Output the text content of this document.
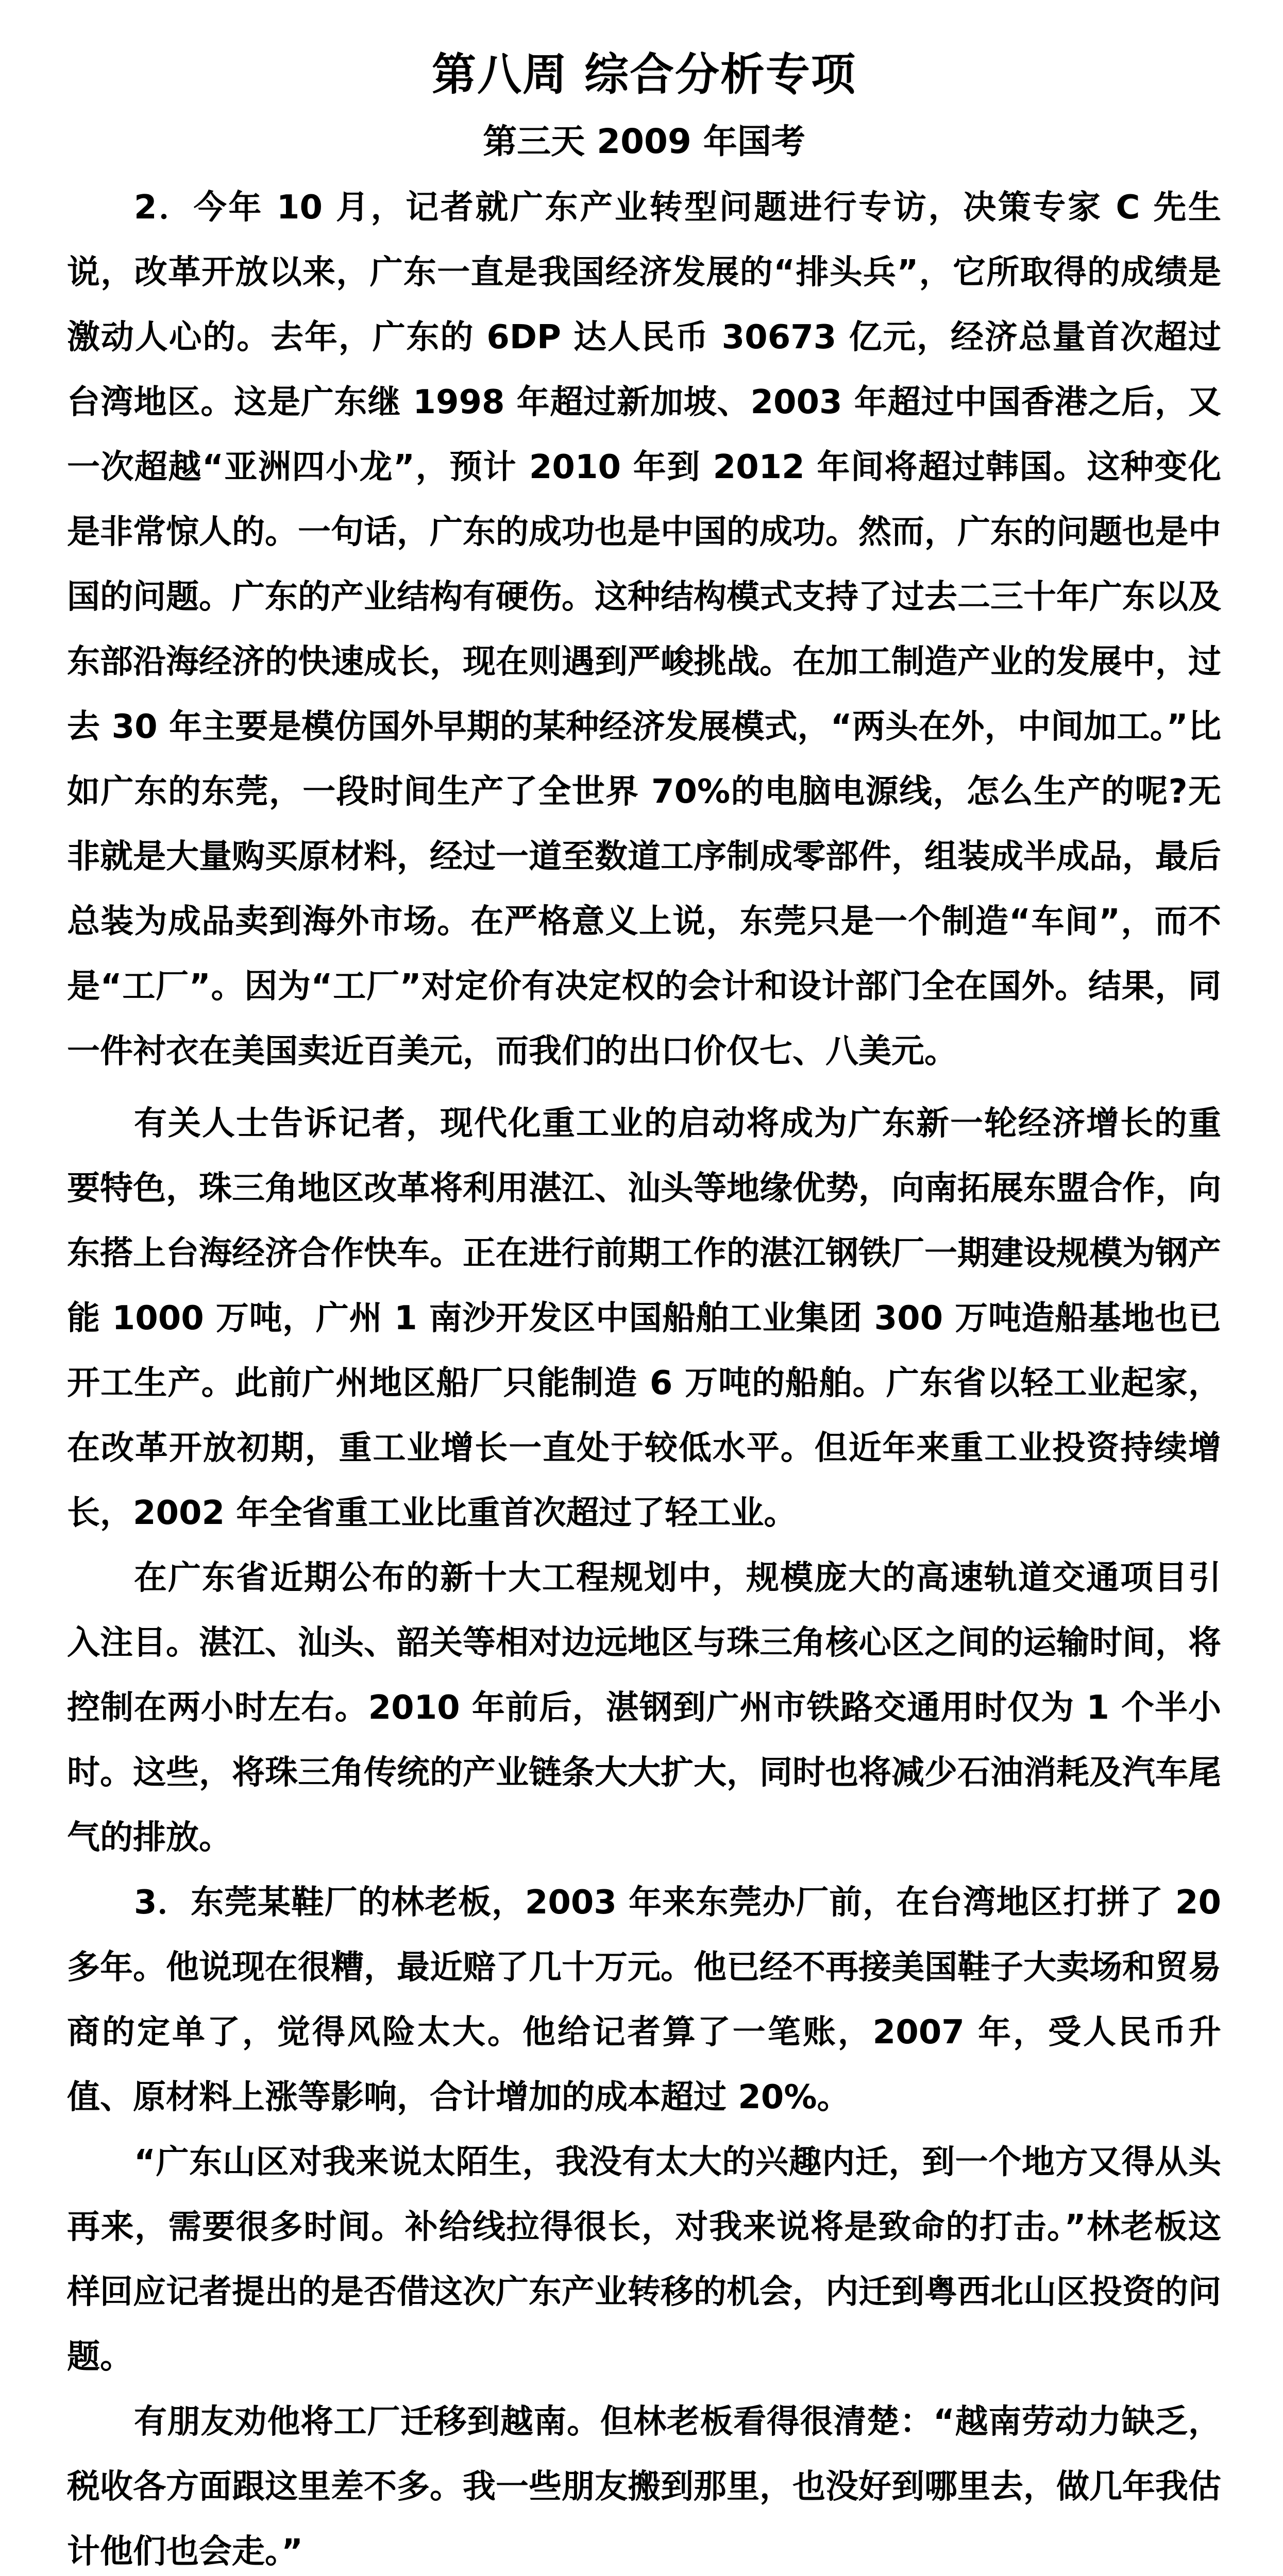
第八周 综合分析专项
第三天 2009 年国考

2．今年 10 月，记者就广东产业转型问题进行专访，决策专家 C 先生说，改革开放以来，广东一直是我国经济发展的“排头兵”，它所取得的成绩是激动人心的。去年，广东的 6DP 达人民币 30673 亿元，经济总量首次超过台湾地区。这是广东继 1998 年超过新加坡、2003 年超过中国香港之后，又一次超越“亚洲四小龙”，预计 2010 年到 2012 年间将超过韩国。这种变化是非常惊人的。一句话，广东的成功也是中国的成功。然而，广东的问题也是中国的问题。广东的产业结构有硬伤。这种结构模式支持了过去二三十年广东以及东部沿海经济的快速成长，现在则遇到严峻挑战。在加工制造产业的发展中，过去 30 年主要是模仿国外早期的某种经济发展模式，“两头在外，中间加工。”比如广东的东莞，一段时间生产了全世界 70%的电脑电源线，怎么生产的呢?无非就是大量购买原材料，经过一道至数道工序制成零部件，组装成半成品，最后总装为成品卖到海外市场。在严格意义上说，东莞只是一个制造“车间”，而不是“工厂”。因为“工厂”对定价有决定权的会计和设计部门全在国外。结果，同一件衬衣在美国卖近百美元，而我们的出口价仅七、八美元。

有关人士告诉记者，现代化重工业的启动将成为广东新一轮经济增长的重要特色，珠三角地区改革将利用湛江、汕头等地缘优势，向南拓展东盟合作，向东搭上台海经济合作快车。正在进行前期工作的湛江钢铁厂一期建设规模为钢产能 1000 万吨，广州 1 南沙开发区中国船舶工业集团 300 万吨造船基地也已开工生产。此前广州地区船厂只能制造 6 万吨的船舶。广东省以轻工业起家，在改革开放初期，重工业增长一直处于较低水平。但近年来重工业投资持续增长，2002 年全省重工业比重首次超过了轻工业。

在广东省近期公布的新十大工程规划中，规模庞大的高速轨道交通项目引入注目。湛江、汕头、韶关等相对边远地区与珠三角核心区之间的运输时间，将控制在两小时左右。2010 年前后，湛钢到广州市铁路交通用时仅为 1 个半小时。这些，将珠三角传统的产业链条大大扩大，同时也将减少石油消耗及汽车尾气的排放。

3．东莞某鞋厂的林老板，2003 年来东莞办厂前，在台湾地区打拼了 20 多年。他说现在很糟，最近赔了几十万元。他已经不再接美国鞋子大卖场和贸易商的定单了，觉得风险太大。他给记者算了一笔账，2007 年，受人民币升值、原材料上涨等影响，合计增加的成本超过 20%。

“广东山区对我来说太陌生，我没有太大的兴趣内迁，到一个地方又得从头再来，需要很多时间。补给线拉得很长，对我来说将是致命的打击。”林老板这样回应记者提出的是否借这次广东产业转移的机会，内迁到粤西北山区投资的问题。

有朋友劝他将工厂迁移到越南。但林老板看得很清楚：“越南劳动力缺乏，税收各方面跟这里差不多。我一些朋友搬到那里，也没好到哪里去，做几年我估计他们也会走。”
